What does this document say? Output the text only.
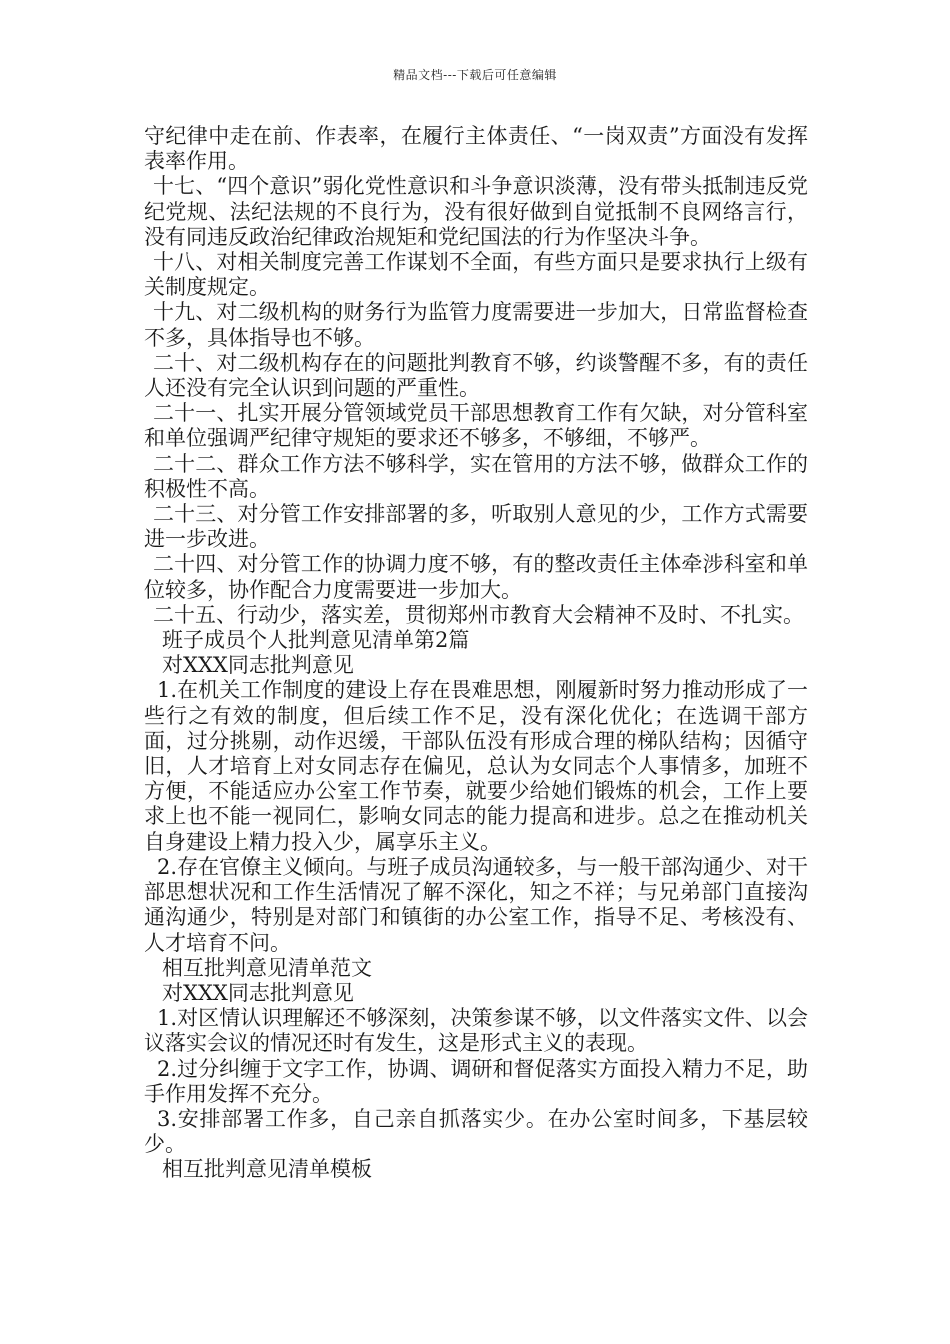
精品文档---下载后可任意编辑

守纪律中走在前、作表率，在履行主体责任、“一岗双责”方面没有发挥表率作用。

十七、“四个意识”弱化党性意识和斗争意识淡薄，没有带头抵制违反党纪党规、法纪法规的不良行为，没有很好做到自觉抵制不良网络言行，没有同违反政治纪律政治规矩和党纪国法的行为作坚决斗争。

十八、对相关制度完善工作谋划不全面，有些方面只是要求执行上级有关制度规定。

十九、对二级机构的财务行为监管力度需要进一步加大，日常监督检查不多，具体指导也不够。

二十、对二级机构存在的问题批判教育不够，约谈警醒不多，有的责任人还没有完全认识到问题的严重性。

二十一、扎实开展分管领域党员干部思想教育工作有欠缺，对分管科室和单位强调严纪律守规矩的要求还不够多，不够细，不够严。

二十二、群众工作方法不够科学，实在管用的方法不够，做群众工作的积极性不高。

二十三、对分管工作安排部署的多，听取别人意见的少，工作方式需要进一步改进。

二十四、对分管工作的协调力度不够，有的整改责任主体牵涉科室和单位较多，协作配合力度需要进一步加大。

二十五、行动少，落实差，贯彻郑州市教育大会精神不及时、不扎实。

班子成员个人批判意见清单第2篇

对XXX同志批判意见

1.在机关工作制度的建设上存在畏难思想，刚履新时努力推动形成了一些行之有效的制度，但后续工作不足，没有深化优化；在选调干部方面，过分挑剔，动作迟缓，干部队伍没有形成合理的梯队结构；因循守旧，人才培育上对女同志存在偏见，总认为女同志个人事情多，加班不方便，不能适应办公室工作节奏，就要少给她们锻炼的机会，工作上要求上也不能一视同仁，影响女同志的能力提高和进步。总之在推动机关自身建设上精力投入少，属享乐主义。

2.存在官僚主义倾向。与班子成员沟通较多，与一般干部沟通少、对干部思想状况和工作生活情况了解不深化，知之不祥；与兄弟部门直接沟通沟通少，特别是对部门和镇街的办公室工作，指导不足、考核没有、人才培育不问。

相互批判意见清单范文

对XXX同志批判意见

1.对区情认识理解还不够深刻，决策参谋不够，以文件落实文件、以会议落实会议的情况还时有发生，这是形式主义的表现。

2.过分纠缠于文字工作，协调、调研和督促落实方面投入精力不足，助手作用发挥不充分。

3.安排部署工作多，自己亲自抓落实少。在办公室时间多，下基层较少。

相互批判意见清单模板
